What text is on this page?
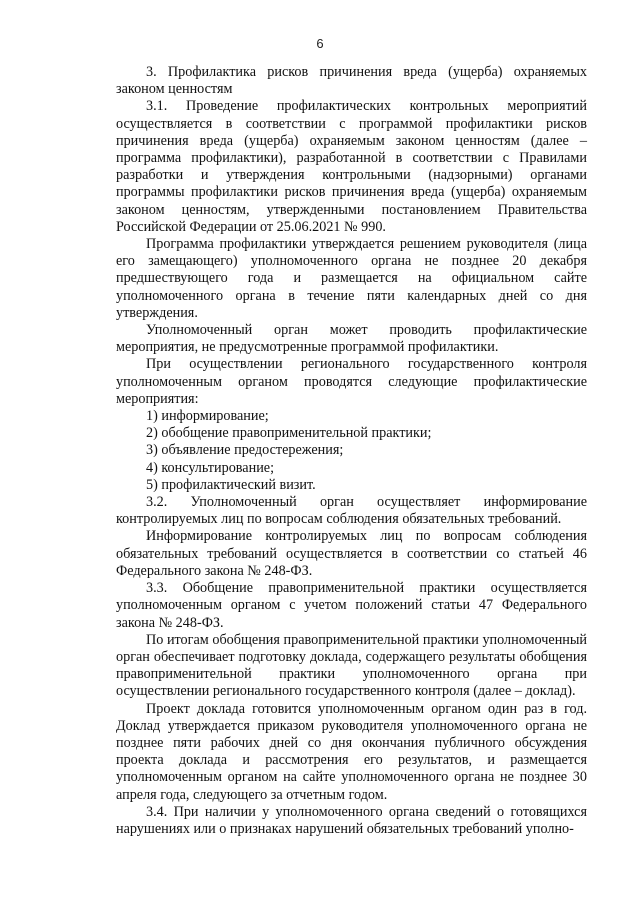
6

3. Профилактика рисков причинения вреда (ущерба) охраняемых законом ценностям

3.1. Проведение профилактических контрольных мероприятий осуществляется в соответствии с программой профилактики рисков причинения вреда (ущерба) охраняемым законом ценностям (далее – программа профилактики), разработанной в соответствии с Правилами разработки и утверждения контрольными (надзорными) органами программы профилактики рисков причинения вреда (ущерба) охраняемым законом ценностям, утвержденными постановлением Правительства Российской Федерации от 25.06.2021 № 990.

Программа профилактики утверждается решением руководителя (лица его замещающего) уполномоченного органа не позднее 20 декабря предшествующего года и размещается на официальном сайте уполномоченного органа в течение пяти календарных дней со дня утверждения.

Уполномоченный орган может проводить профилактические мероприятия, не предусмотренные программой профилактики.

При осуществлении регионального государственного контроля уполномоченным органом проводятся следующие профилактические мероприятия:

1) информирование;

2) обобщение правоприменительной практики;

3) объявление предостережения;

4) консультирование;

5) профилактический визит.

3.2. Уполномоченный орган осуществляет информирование контролируемых лиц по вопросам соблюдения обязательных требований.

Информирование контролируемых лиц по вопросам соблюдения обязательных требований осуществляется в соответствии со статьей 46 Федерального закона № 248-ФЗ.

3.3. Обобщение правоприменительной практики осуществляется уполномоченным органом с учетом положений статьи 47 Федерального закона № 248-ФЗ.

По итогам обобщения правоприменительной практики уполномоченный орган обеспечивает подготовку доклада, содержащего результаты обобщения правоприменительной практики уполномоченного органа при осуществлении регионального государственного контроля (далее – доклад).

Проект доклада готовится уполномоченным органом один раз в год. Доклад утверждается приказом руководителя уполномоченного органа не позднее пяти рабочих дней со дня окончания публичного обсуждения проекта доклада и рассмотрения его результатов, и размещается уполномоченным органом на сайте уполномоченного органа не позднее 30 апреля года, следующего за отчетным годом.

3.4. При наличии у уполномоченного органа сведений о готовящихся нарушениях или о признаках нарушений обязательных требований уполно-
